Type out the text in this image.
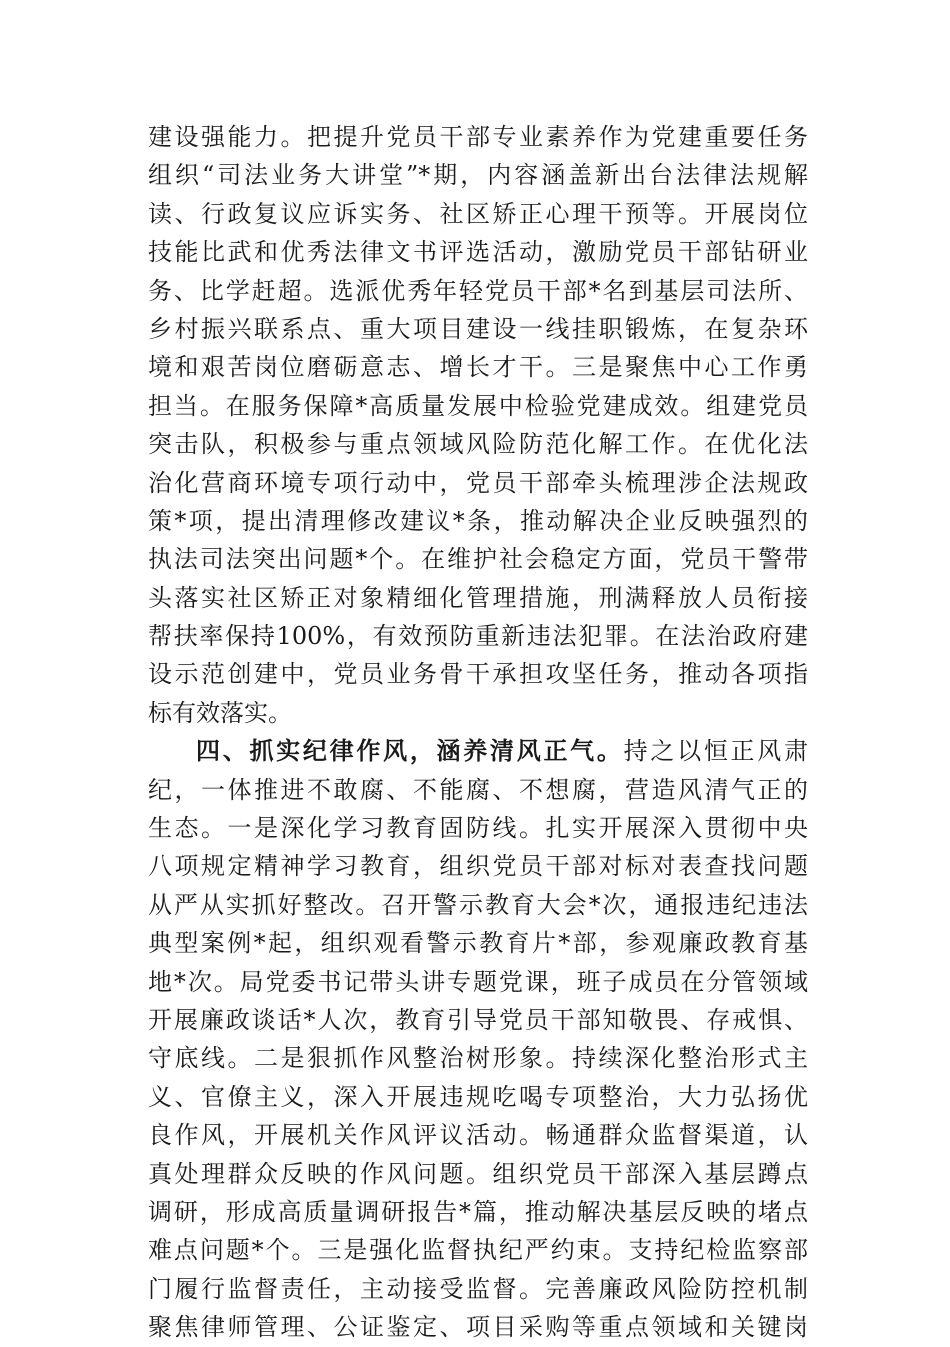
建设强能力。把提升党员干部专业素养作为党建重要任务
组织“司法业务大讲堂”*期，内容涵盖新出台法律法规解
读、行政复议应诉实务、社区矫正心理干预等。开展岗位
技能比武和优秀法律文书评选活动，激励党员干部钻研业
务、比学赶超。选派优秀年轻党员干部*名到基层司法所、
乡村振兴联系点、重大项目建设一线挂职锻炼，在复杂环
境和艰苦岗位磨砺意志、增长才干。三是聚焦中心工作勇
担当。在服务保障*高质量发展中检验党建成效。组建党员
突击队，积极参与重点领域风险防范化解工作。在优化法
治化营商环境专项行动中，党员干部牵头梳理涉企法规政
策*项，提出清理修改建议*条，推动解决企业反映强烈的
执法司法突出问题*个。在维护社会稳定方面，党员干警带
头落实社区矫正对象精细化管理措施，刑满释放人员衔接
帮扶率保持100%，有效预防重新违法犯罪。在法治政府建
设示范创建中，党员业务骨干承担攻坚任务，推动各项指
标有效落实。
四、抓实纪律作风，涵养清风正气。持之以恒正风肃
纪，一体推进不敢腐、不能腐、不想腐，营造风清气正的
生态。一是深化学习教育固防线。扎实开展深入贯彻中央
八项规定精神学习教育，组织党员干部对标对表查找问题
从严从实抓好整改。召开警示教育大会*次，通报违纪违法
典型案例*起，组织观看警示教育片*部，参观廉政教育基
地*次。局党委书记带头讲专题党课，班子成员在分管领域
开展廉政谈话*人次，教育引导党员干部知敬畏、存戒惧、
守底线。二是狠抓作风整治树形象。持续深化整治形式主
义、官僚主义，深入开展违规吃喝专项整治，大力弘扬优
良作风，开展机关作风评议活动。畅通群众监督渠道，认
真处理群众反映的作风问题。组织党员干部深入基层蹲点
调研，形成高质量调研报告*篇，推动解决基层反映的堵点
难点问题*个。三是强化监督执纪严约束。支持纪检监察部
门履行监督责任，主动接受监督。完善廉政风险防控机制
聚焦律师管理、公证鉴定、项目采购等重点领域和关键岗
